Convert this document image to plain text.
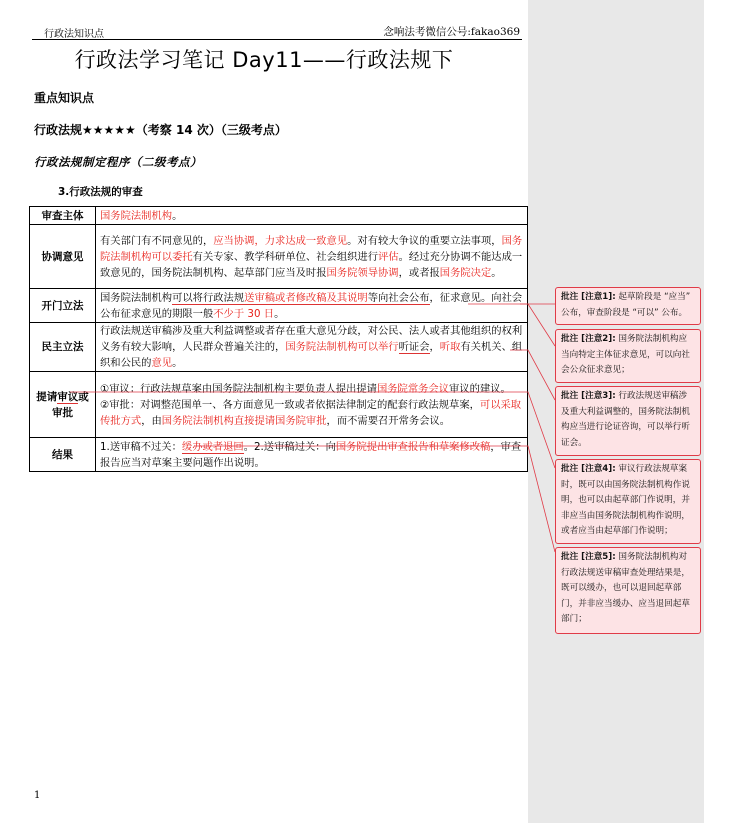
行政法知识点	念响法考微信公号:fakao369
行政法学习笔记 Day11——行政法规下
重点知识点
行政法规★★★★★（考察 14 次）（三级考点）
行政法规制定程序（二级考点）
3.行政法规的审查
审查主体	国务院法制机构。
协调意见	有关部门有不同意见的，应当协调，力求达成一致意见。对有较大争议的重要立法事项，国务院法制机构可以委托有关专家、教学科研单位、社会组织进行评估。经过充分协调不能达成一致意见的，国务院法制机构、起草部门应当及时报国务院领导协调，或者报国务院决定。
开门立法	国务院法制机构可以将行政法规送审稿或者修改稿及其说明等向社会公布，征求意见。向社会公布征求意见的期限一般不少于 30 日。
民主立法	行政法规送审稿涉及重大利益调整或者存在重大意见分歧，对公民、法人或者其他组织的权利义务有较大影响，人民群众普遍关注的，国务院法制机构可以举行听证会，听取有关机关、组织和公民的意见。
提请审议或审批	①审议：行政法规草案由国务院法制机构主要负责人提出提请国务院常务会议审议的建议。
②审批：对调整范围单一、各方面意见一致或者依据法律制定的配套行政法规草案，可以采取传批方式，由国务院法制机构直接提请国务院审批，而不需要召开常务会议。
结果	1.送审稿不过关：缓办或者退回。2.送审稿过关：向国务院提出审查报告和草案修改稿，审查报告应当对草案主要问题作出说明。
1
批注 [注意1]: 起草阶段是 “应当” 公布，审查阶段是 “可以” 公布。
批注 [注意2]: 国务院法制机构应当向特定主体征求意见，可以向社会公众征求意见；
批注 [注意3]: 行政法规送审稿涉及重大利益调整的，国务院法制机构应当进行论证咨询，可以举行听证会。
批注 [注意4]: 审议行政法规草案时，既可以由国务院法制机构作说明，也可以由起草部门作说明，并非应当由国务院法制机构作说明，或者应当由起草部门作说明；
批注 [注意5]: 国务院法制机构对行政法规送审稿审查处理结果是，既可以缓办，也可以退回起草部门，并非应当缓办、应当退回起草部门；
